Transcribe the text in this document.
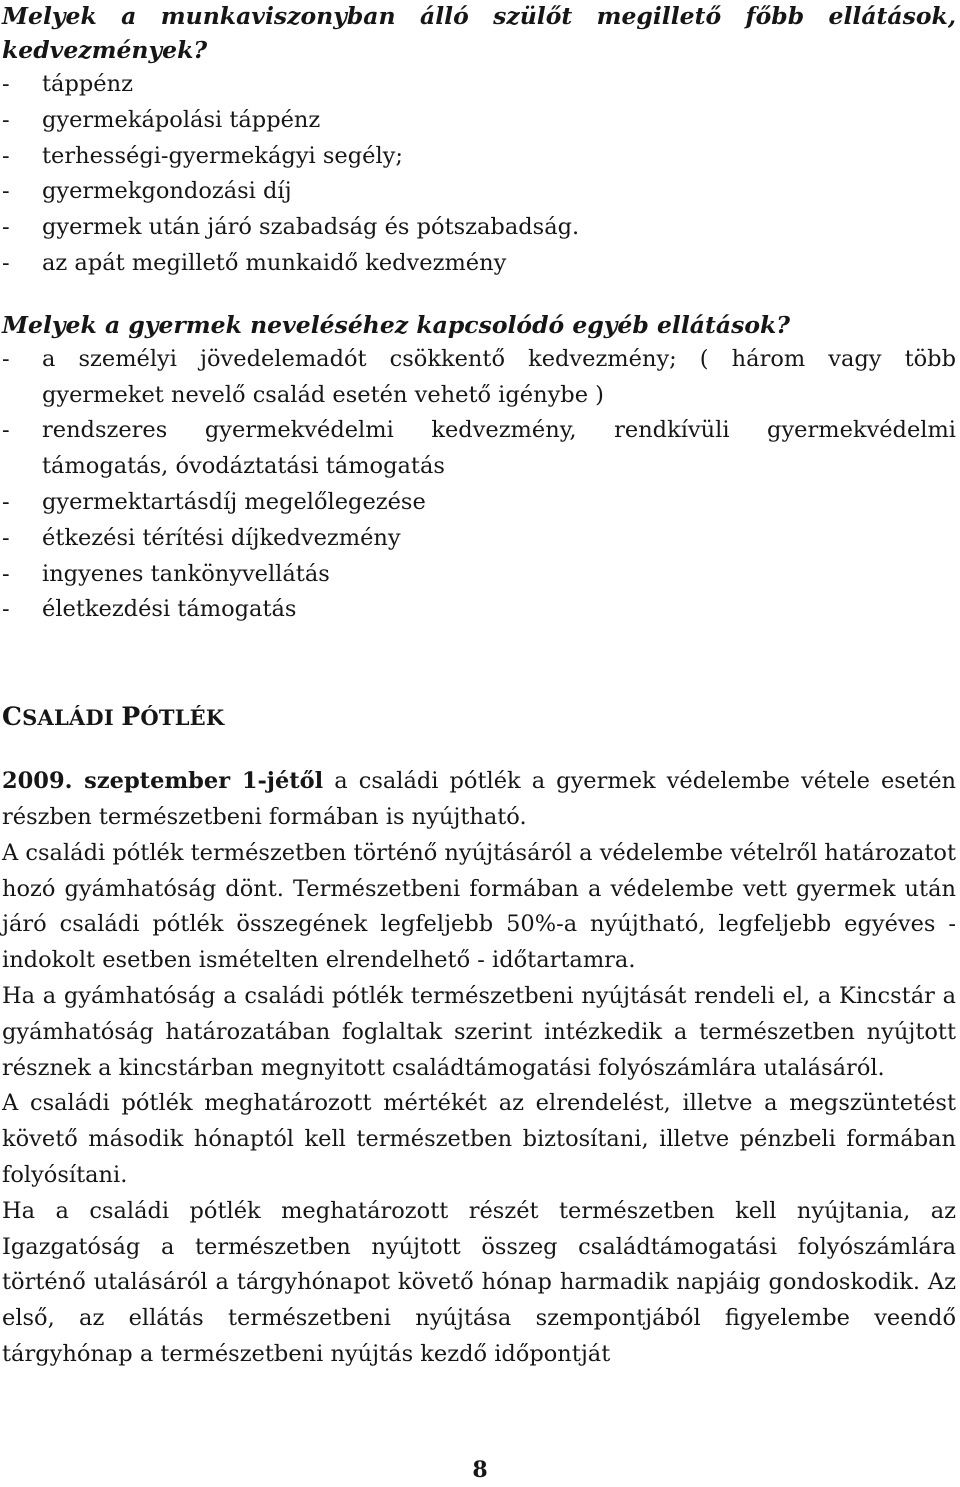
Melyek a munkaviszonyban álló szülőt megillető főbb ellátások, kedvezmények?
- táppénz
- gyermekápolási táppénz
- terhességi-gyermekágyi segély;
- gyermekgondozási díj
- gyermek után járó szabadság és pótszabadság.
- az apát megillető munkaidő kedvezmény
Melyek a gyermek neveléséhez kapcsolódó egyéb ellátások?
- a személyi jövedelemadót csökkentő kedvezmény; ( három vagy több gyermeket nevelő család esetén vehető igénybe )
- rendszeres gyermekvédelmi kedvezmény, rendkívüli gyermekvédelmi támogatás, óvodáztatási támogatás
- gyermektartásdíj megelőlegezése
- étkezési térítési díjkedvezmény
- ingyenes tankönyvellátás
- életkezdési támogatás
CSALÁDI PÓTLÉK

2009. szeptember 1-jétől a családi pótlék a gyermek védelembe vétele esetén részben természetbeni formában is nyújtható.

A családi pótlék természetben történő nyújtásáról a védelembe vételről határozatot hozó gyámhatóság dönt. Természetbeni formában a védelembe vett gyermek után járó családi pótlék összegének legfeljebb 50%-a nyújtható, legfeljebb egyéves - indokolt esetben ismételten elrendelhető - időtartamra.

Ha a gyámhatóság a családi pótlék természetbeni nyújtását rendeli el, a Kincstár a gyámhatóság határozatában foglaltak szerint intézkedik a természetben nyújtott résznek a kincstárban megnyitott családtámogatási folyószámlára utalásáról.

A családi pótlék meghatározott mértékét az elrendelést, illetve a megszüntetést követő második hónaptól kell természetben biztosítani, illetve pénzbeli formában folyósítani.

Ha a családi pótlék meghatározott részét természetben kell nyújtania, az Igazgatóság a természetben nyújtott összeg családtámogatási folyószámlára történő utalásáról a tárgyhónapot követő hónap harmadik napjáig gondoskodik. Az első, az ellátás természetbeni nyújtása szempontjából figyelembe veendő tárgyhónap a természetbeni nyújtás kezdő időpontját

8
